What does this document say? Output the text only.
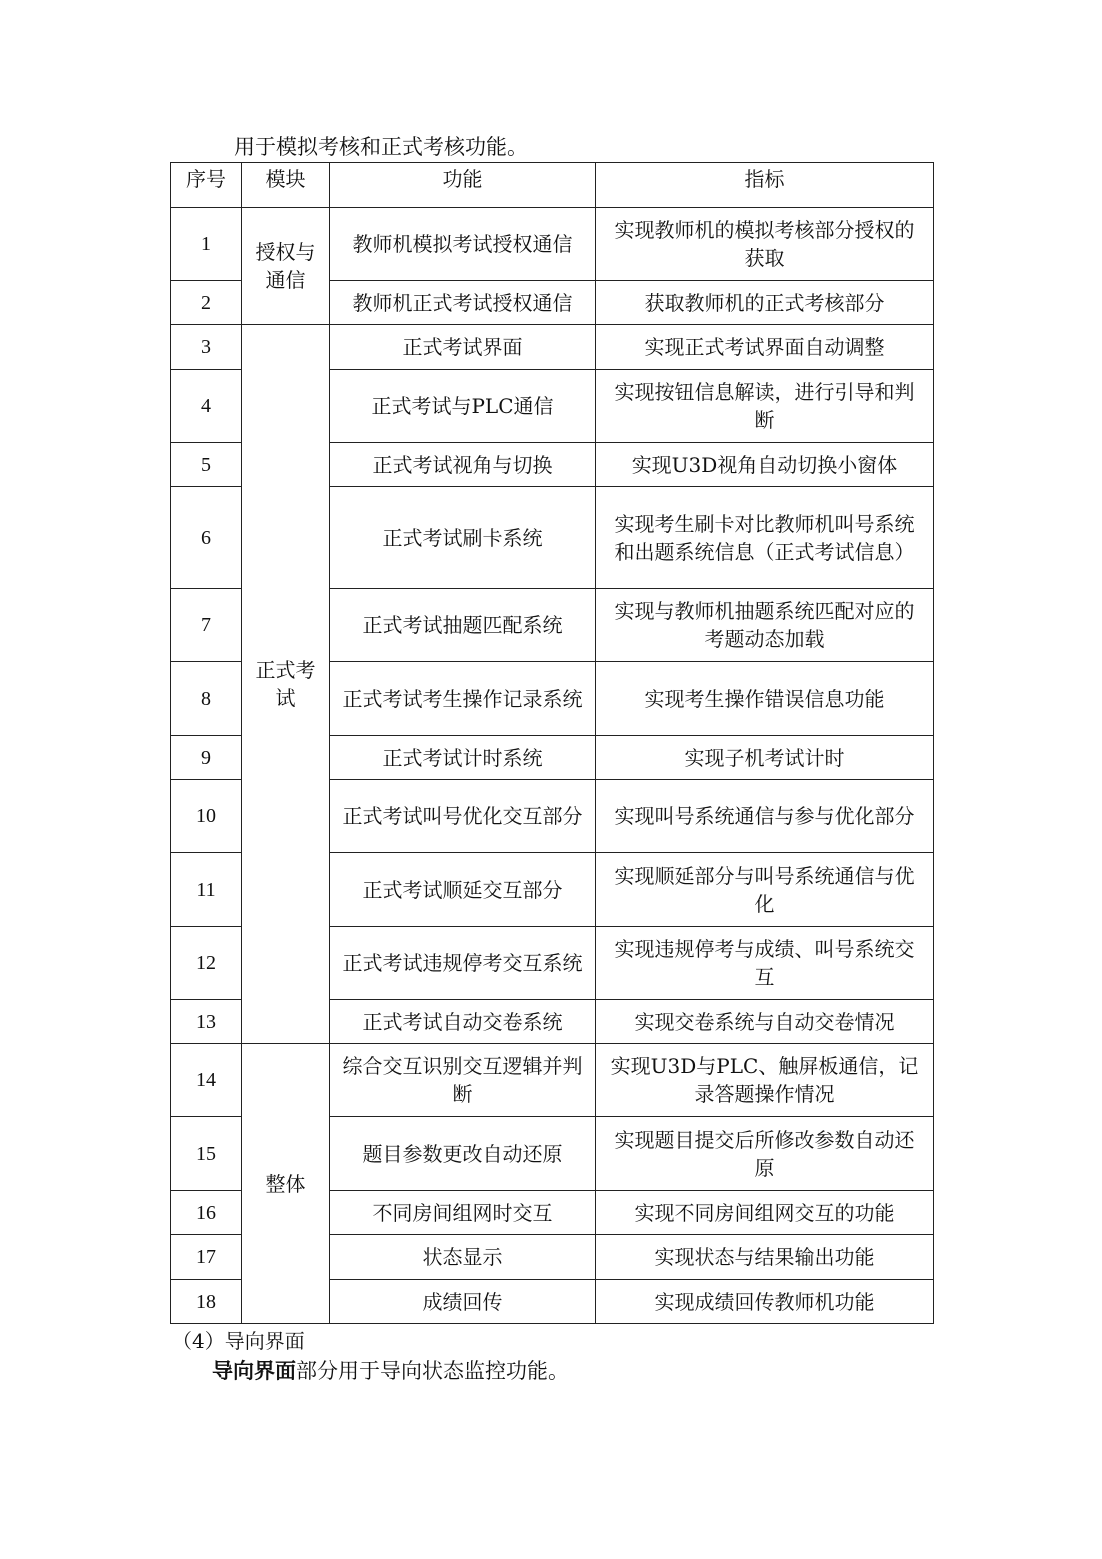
用于模拟考核和正式考核功能。
序号	模块	功能	指标
1	授权与通信	教师机模拟考试授权通信	实现教师机的模拟考核部分授权的获取
2		教师机正式考试授权通信	获取教师机的正式考核部分
3	正式考试	正式考试界面	实现正式考试界面自动调整
4		正式考试与PLC通信	实现按钮信息解读，进行引导和判断
5		正式考试视角与切换	实现U3D视角自动切换小窗体
6		正式考试刷卡系统	实现考生刷卡对比教师机叫号系统和出题系统信息（正式考试信息）
7		正式考试抽题匹配系统	实现与教师机抽题系统匹配对应的考题动态加载
8		正式考试考生操作记录系统	实现考生操作错误信息功能
9		正式考试计时系统	实现子机考试计时
10		正式考试叫号优化交互部分	实现叫号系统通信与参与优化部分
11		正式考试顺延交互部分	实现顺延部分与叫号系统通信与优化
12		正式考试违规停考交互系统	实现违规停考与成绩、叫号系统交互
13		正式考试自动交卷系统	实现交卷系统与自动交卷情况
14	整体	综合交互识别交互逻辑并判断	实现U3D与PLC、触屏板通信，记录答题操作情况
15		题目参数更改自动还原	实现题目提交后所修改参数自动还原
16		不同房间组网时交互	实现不同房间组网交互的功能
17		状态显示	实现状态与结果输出功能
18		成绩回传	实现成绩回传教师机功能
（4）导向界面
导向界面部分用于导向状态监控功能。
